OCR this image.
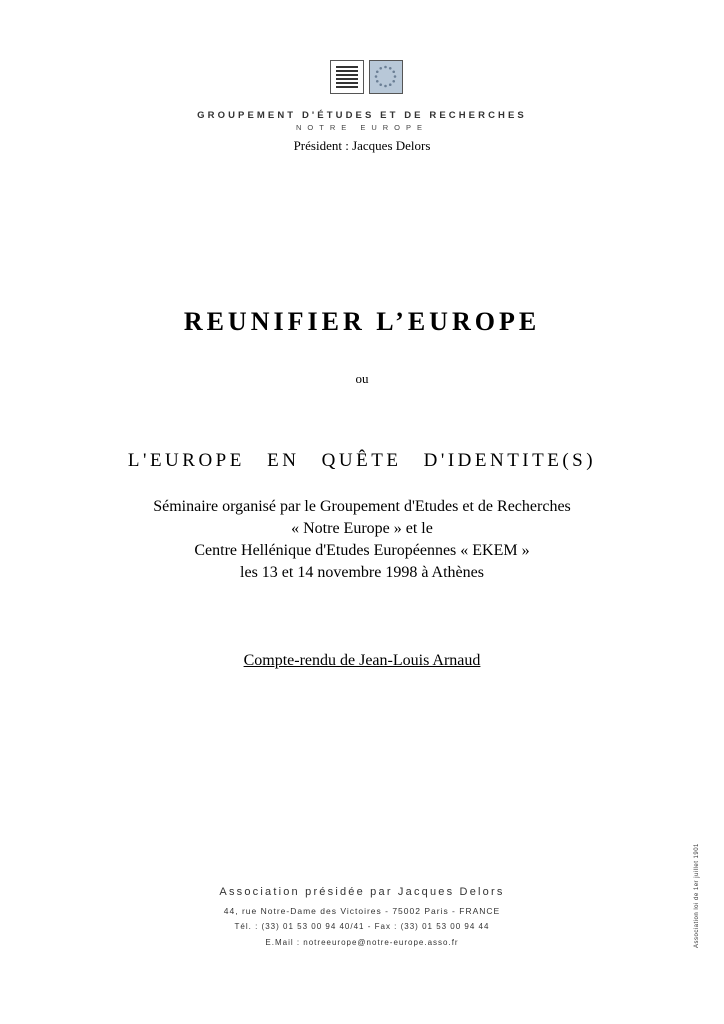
GROUPEMENT D'ÉTUDES ET DE RECHERCHES
NOTRE EUROPE
Président : Jacques Delors
REUNIFIER L’EUROPE
ou
L'EUROPE EN QUÊTE D'IDENTITE(S)
Séminaire organisé par le Groupement d'Etudes et de Recherches
« Notre Europe » et le
Centre Hellénique d'Etudes Européennes « EKEM »
les 13 et 14 novembre 1998 à Athènes
Compte-rendu de Jean-Louis Arnaud
Association présidée par Jacques Delors
44, rue Notre-Dame des Victoires - 75002 Paris - FRANCE
Tél. : (33) 01 53 00 94 40/41 - Fax : (33) 01 53 00 94 44
E.Mail : notreeurope@notre-europe.asso.fr	Association loi de 1er juillet 1901
